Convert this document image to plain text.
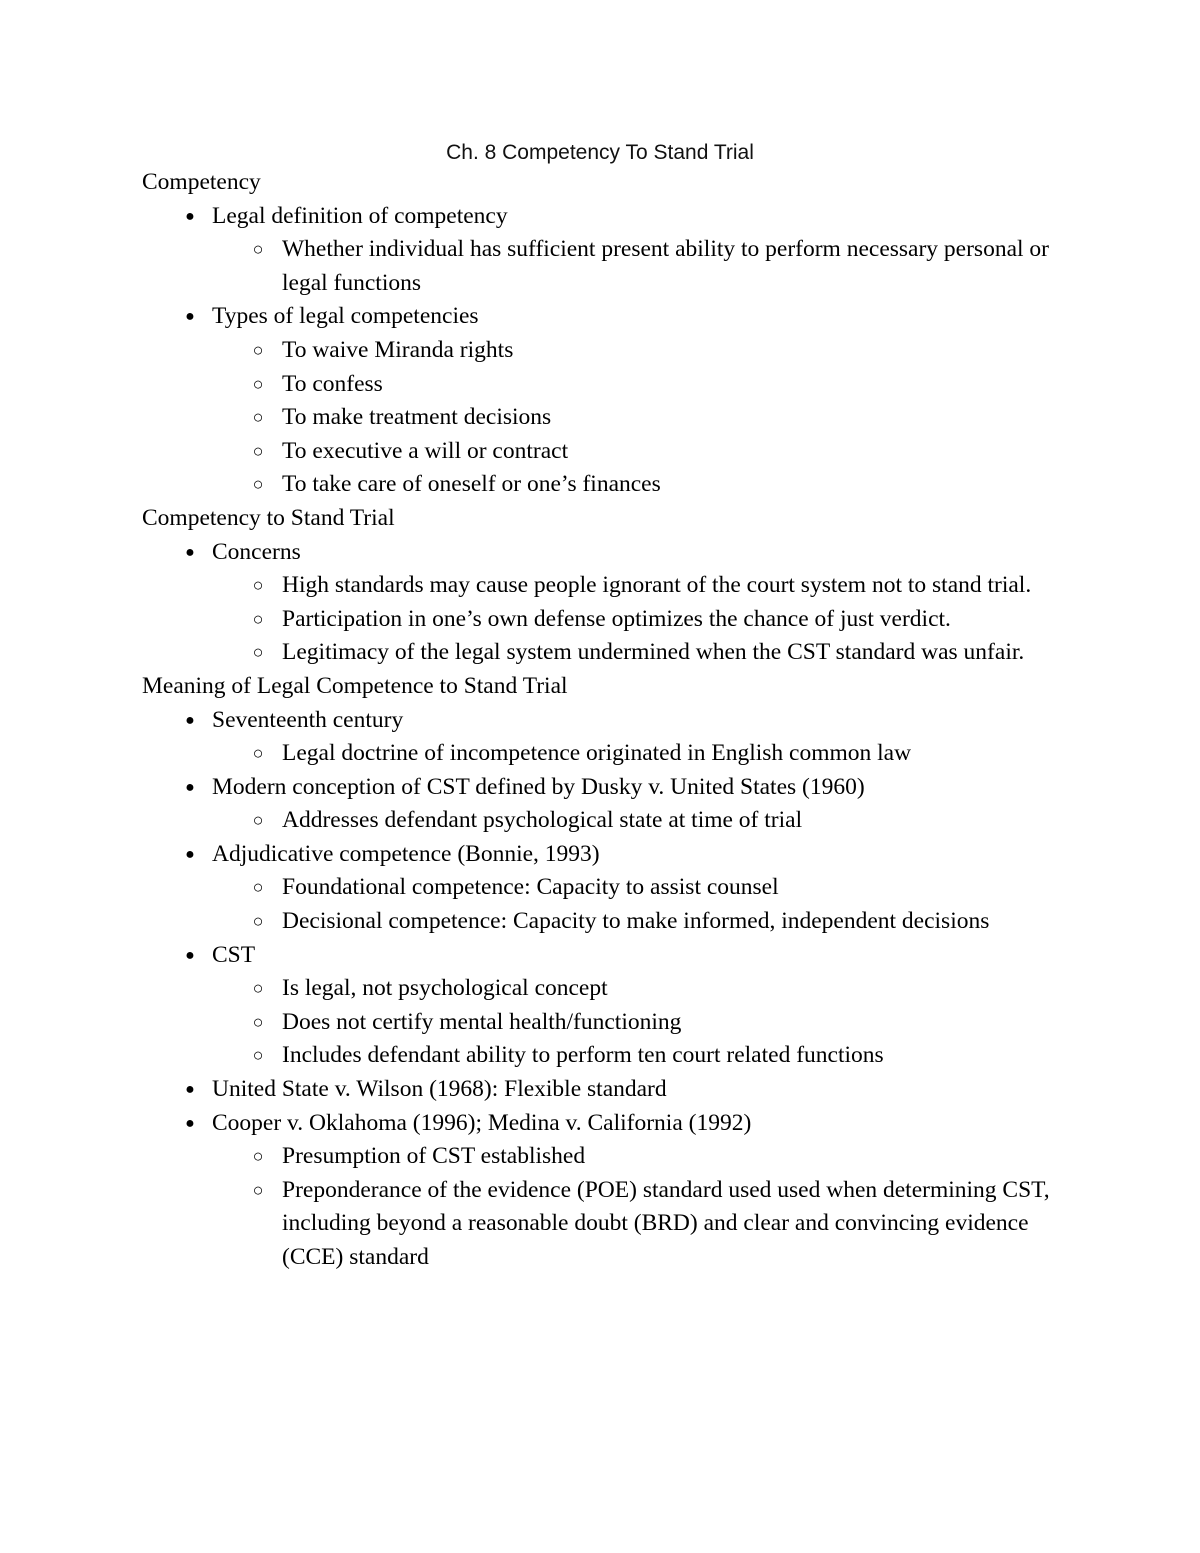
Ch. 8 Competency To Stand Trial
Competency
● Legal definition of competency
○ Whether individual has sufficient present ability to perform necessary personal or legal functions
● Types of legal competencies
○ To waive Miranda rights
○ To confess
○ To make treatment decisions
○ To executive a will or contract
○ To take care of oneself or one’s finances
Competency to Stand Trial
● Concerns
○ High standards may cause people ignorant of the court system not to stand trial.
○ Participation in one’s own defense optimizes the chance of just verdict.
○ Legitimacy of the legal system undermined when the CST standard was unfair.
Meaning of Legal Competence to Stand Trial
● Seventeenth century
○ Legal doctrine of incompetence originated in English common law
● Modern conception of CST defined by Dusky v. United States (1960)
○ Addresses defendant psychological state at time of trial
● Adjudicative competence (Bonnie, 1993)
○ Foundational competence: Capacity to assist counsel
○ Decisional competence: Capacity to make informed, independent decisions
● CST
○ Is legal, not psychological concept
○ Does not certify mental health/functioning
○ Includes defendant ability to perform ten court related functions
● United State v. Wilson (1968): Flexible standard
● Cooper v. Oklahoma (1996); Medina v. California (1992)
○ Presumption of CST established
○ Preponderance of the evidence (POE) standard used used when determining CST, including beyond a reasonable doubt (BRD) and clear and convincing evidence (CCE) standard
